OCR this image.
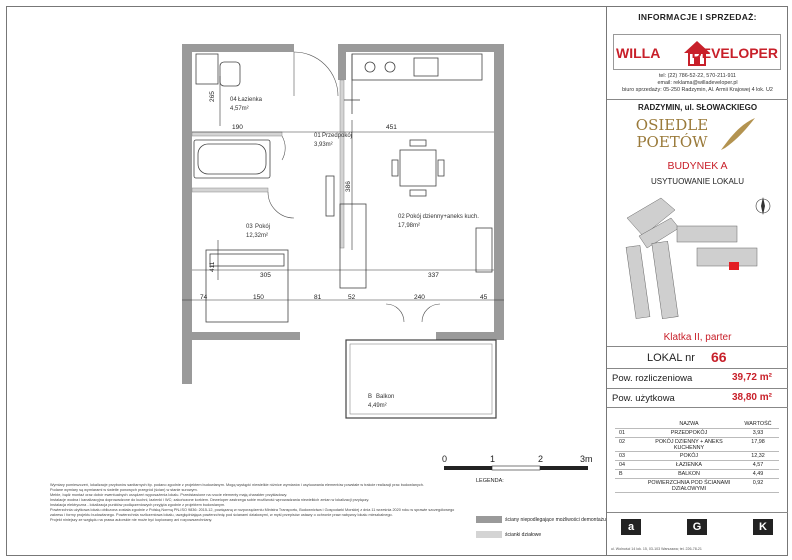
265
190	451
386
411
305	337
74	150	81	52	240	45
04 Łazienka
4,57m²
01 Przedpokój
3,93m²
03 Pokój
12,32m²
02 Pokój dzienny+aneks kuch.
17,98m²
B Balkon
4,49m²
0	1	2	3m
Wymiary pomieszczeń, lokalizacje przyborów sanitarnych itp. podano zgodnie z projektem budowlanym. Mogą wystąpić niewielkie różnice wymiarów i usytuowania elementów powstałe w trakcie realizacji prac budowlanych.
Podane wymiary są wymiarami w świetle ponowych przegród (ścian) w stanie surowym.
Meble, bądź montaż oraz dobór ewentualnych urządzeń wyposażenia lokalu. Przedstawione na rzucie elementy mają charakter przykładowy.
Instalacje wodna i kanalizacyjna doprowadzone do kuchni, łazienki i WC; zakończone korkiem. Deweloper zastrzega sobie możliwość wprowadzania niewielkich zmian w lokalizacji przyłączy.
Instalacja elektryczna - lokalizacja punktów podłączeniowych przyjęta zgodnie z projektem budowlanym.
Powierzchnia użytkowa lokalu obliczona została zgodnie z Polską Normą PN-ISO 9836: 2015-12, powiązaną w rozporządzeniu Ministra Transportu, Budownictwa i Gospodarki Morskiej z dnia 11 września 2020 roku w sprawie szczegółowego zakresu i formy projektu budowlanego. Powierzchnia rozliczeniowa lokalu, uwzględniająca powierzchnię pod ścianami działowymi, w myśl przepisów ustawy o ochronie praw nabywcy lokalu mieszkalnego.
Projekt niniejszy ze względu na prawa autorskie nie może być kopiowany ani rozpowszechniany.
LEGENDA:
ściany niepodlegające możliwości demontażu
ścianki działowe
INFORMACJE I SPRZEDAŻ:
WILLA DEVELOPER
tel: (22) 786-52-22, 570-211-911
email: reklama@willadeveloper.pl
biuro sprzedaży: 05-250 Radzymin, Al. Armii Krajowej 4 lok. U2
RADZYMIN, ul. SŁOWACKIEGO
OSIEDLE
POETÓW
BUDYNEK A
USYTUOWANIE LOKALU
Klatka II, parter
LOKAL nr 66
Pow. rozliczeniowa	39,72 m²
Pow. użytkowa	38,80 m²
NAZWA	WARTOŚĆ
01	PRZEDPOKÓJ	3,93
02	POKÓJ DZIENNY + ANEKS KUCHENNY
17,98
03	POKÓJ	12,32
04	ŁAZIENKA	4,57
B	BALKON	4,49
POWIERZCHNIA POD ŚCIANAMI DZIAŁOWYMI
0,92
a	G	K
ul. Wolności 14 lok. 15, 03-103 Warszawa; tel. 226-78-21
